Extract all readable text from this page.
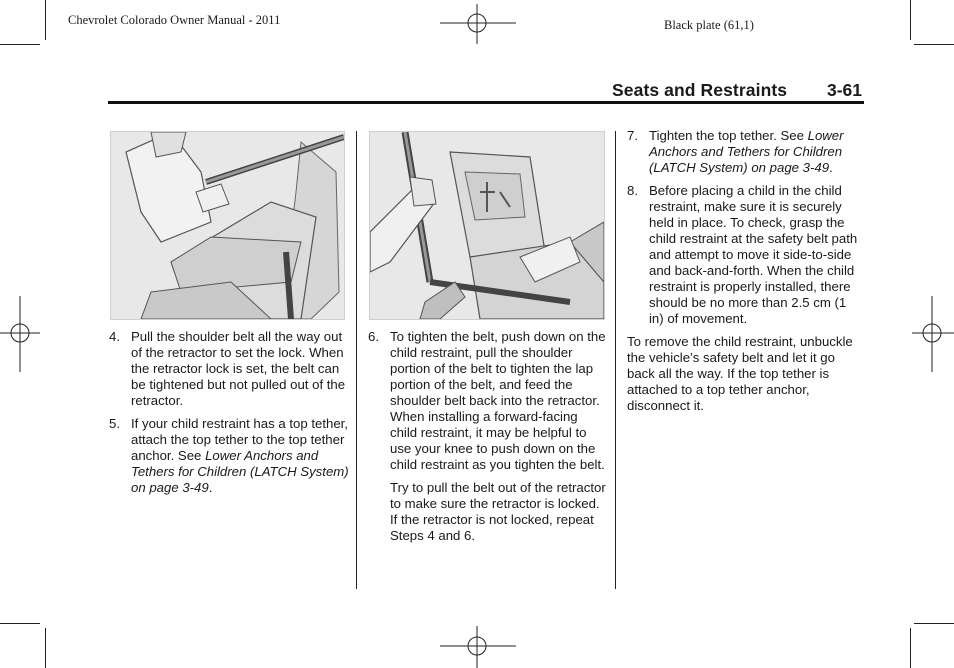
Chevrolet Colorado Owner Manual - 2011	Black plate (61,1)
Seats and Restraints 3-61
4. Pull the shoulder belt all the way out of the retractor to set the lock. When the retractor lock is set, the belt can be tightened but not pulled out of the retractor.
5. If your child restraint has a top tether, attach the top tether to the top tether anchor. See Lower Anchors and Tethers for Children (LATCH System) on page 3-49.
6. To tighten the belt, push down on the child restraint, pull the shoulder portion of the belt to tighten the lap portion of the belt, and feed the shoulder belt back into the retractor. When installing a forward-facing child restraint, it may be helpful to use your knee to push down on the child restraint as you tighten the belt.
Try to pull the belt out of the retractor to make sure the retractor is locked. If the retractor is not locked, repeat Steps 4 and 6.
7. Tighten the top tether. See Lower Anchors and Tethers for Children (LATCH System) on page 3-49.
8. Before placing a child in the child restraint, make sure it is securely held in place. To check, grasp the child restraint at the safety belt path and attempt to move it side-to-side and back-and-forth. When the child restraint is properly installed, there should be no more than 2.5 cm (1 in) of movement.
To remove the child restraint, unbuckle the vehicle’s safety belt and let it go back all the way. If the top tether is attached to a top tether anchor, disconnect it.
